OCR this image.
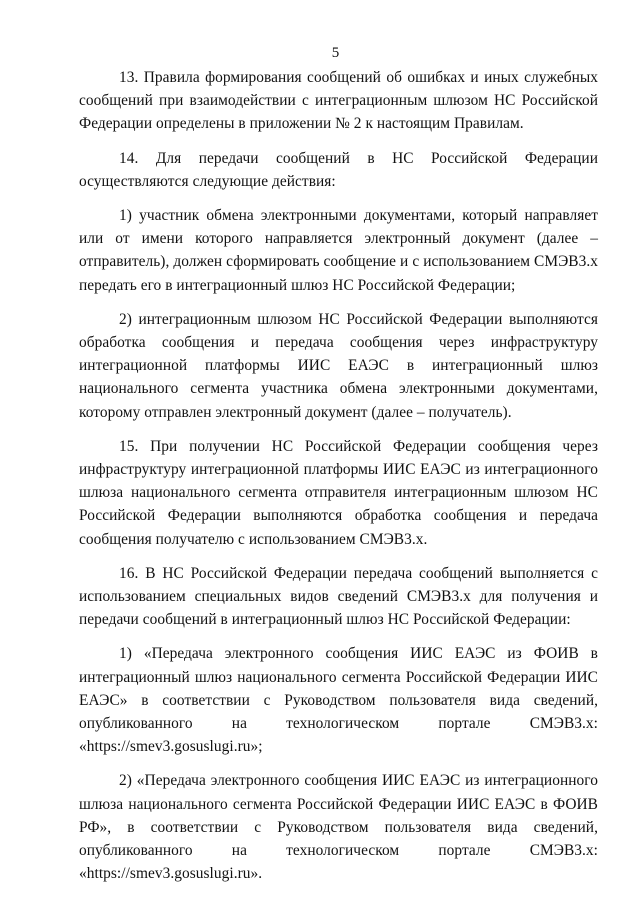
5

13. Правила формирования сообщений об ошибках и иных служебных сообщений при взаимодействии с интеграционным шлюзом НС Российской Федерации определены в приложении № 2 к настоящим Правилам.

14. Для передачи сообщений в НС Российской Федерации осуществляются следующие действия:

1) участник обмена электронными документами, который направляет или от имени которого направляется электронный документ (далее – отправитель), должен сформировать сообщение и с использованием СМЭВ3.х передать его в интеграционный шлюз НС Российской Федерации;

2) интеграционным шлюзом НС Российской Федерации выполняются обработка сообщения и передача сообщения через инфраструктуру интеграционной платформы ИИС ЕАЭС в интеграционный шлюз национального сегмента участника обмена электронными документами, которому отправлен электронный документ (далее – получатель).

15. При получении НС Российской Федерации сообщения через инфраструктуру интеграционной платформы ИИС ЕАЭС из интеграционного шлюза национального сегмента отправителя интеграционным шлюзом НС Российской Федерации выполняются обработка сообщения и передача сообщения получателю с использованием СМЭВ3.х.

16. В НС Российской Федерации передача сообщений выполняется с использованием специальных видов сведений СМЭВ3.х для получения и передачи сообщений в интеграционный шлюз НС Российской Федерации:

1) «Передача электронного сообщения ИИС ЕАЭС из ФОИВ в интеграционный шлюз национального сегмента Российской Федерации ИИС ЕАЭС» в соответствии с Руководством пользователя вида сведений, опубликованного на технологическом портале СМЭВ3.х: «https://smev3.gosuslugi.ru»;

2) «Передача электронного сообщения ИИС ЕАЭС из интеграционного шлюза национального сегмента Российской Федерации ИИС ЕАЭС в ФОИВ РФ», в соответствии с Руководством пользователя вида сведений, опубликованного на технологическом портале СМЭВ3.х: «https://smev3.gosuslugi.ru».
